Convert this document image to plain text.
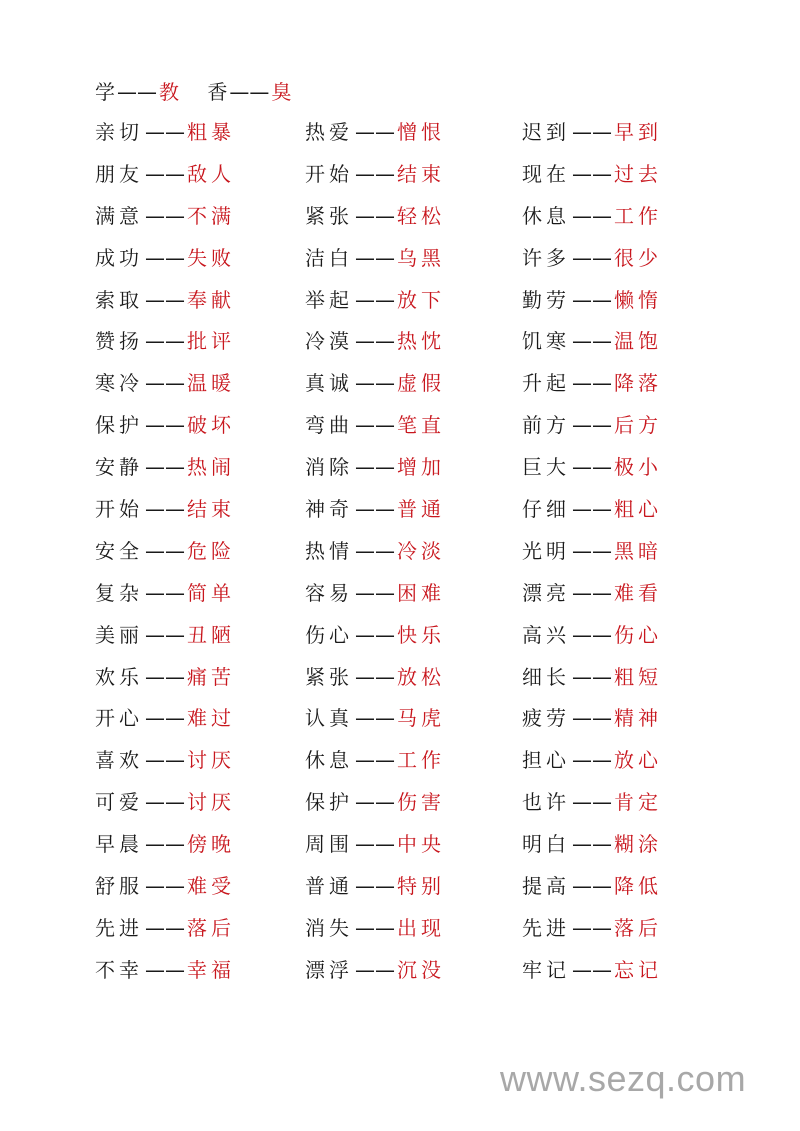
学 —— 教 香 —— 臭
亲切 —— 粗暴	热爱 —— 憎恨	迟到 —— 早到
朋友 —— 敌人	开始 —— 结束	现在 —— 过去
满意 —— 不满	紧张 —— 轻松	休息 —— 工作
成功 —— 失败	洁白 —— 乌黑	许多 —— 很少
索取 —— 奉献	举起 —— 放下	勤劳 —— 懒惰
赞扬 —— 批评	冷漠 —— 热忱	饥寒 —— 温饱
寒冷 —— 温暖	真诚 —— 虚假	升起 —— 降落
保护 —— 破坏	弯曲 —— 笔直	前方 —— 后方
安静 —— 热闹	消除 —— 增加	巨大 —— 极小
开始 —— 结束	神奇 —— 普通	仔细 —— 粗心
安全 —— 危险	热情 —— 冷淡	光明 —— 黑暗
复杂 —— 简单	容易 —— 困难	漂亮 —— 难看
美丽 —— 丑陋	伤心 —— 快乐	高兴 —— 伤心
欢乐 —— 痛苦	紧张 —— 放松	细长 —— 粗短
开心 —— 难过	认真 —— 马虎	疲劳 —— 精神
喜欢 —— 讨厌	休息 —— 工作	担心 —— 放心
可爱 —— 讨厌	保护 —— 伤害	也许 —— 肯定
早晨 —— 傍晚	周围 —— 中央	明白 —— 糊涂
舒服 —— 难受	普通 —— 特别	提高 —— 降低
先进 —— 落后	消失 —— 出现	先进 —— 落后
不幸 —— 幸福	漂浮 —— 沉没	牢记 —— 忘记
www.sezq.com
